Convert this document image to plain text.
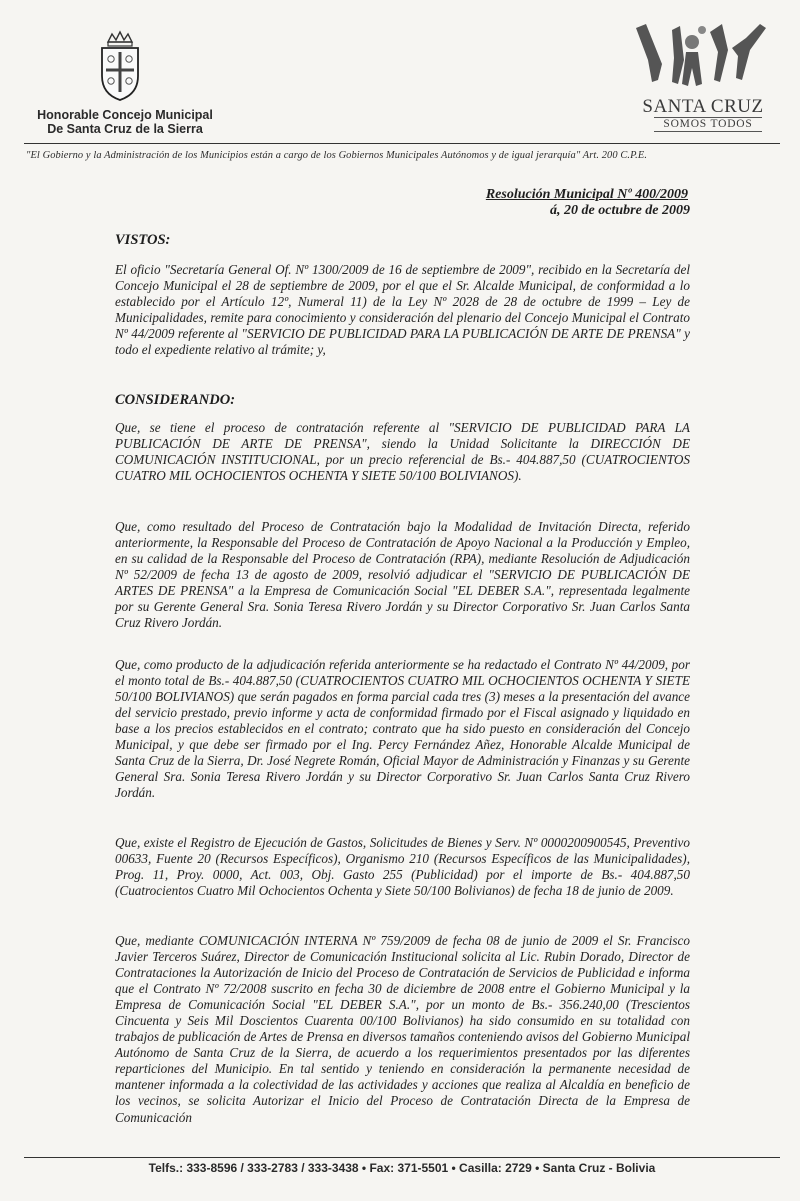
Honorable Concejo Municipal
De Santa Cruz de la Sierra
SANTA CRUZ
SOMOS TODOS
"El Gobierno y la Administración de los Municipios están a cargo de los Gobiernos Municipales Autónomos y de igual jerarquía" Art. 200 C.P.E.
Resolución Municipal Nº 400/2009
á, 20 de octubre de 2009
VISTOS:

El oficio "Secretaría General Of. Nº 1300/2009 de 16 de septiembre de 2009", recibido en la Secretaría del Concejo Municipal el 28 de septiembre de 2009, por el que el Sr. Alcalde Municipal, de conformidad a lo establecido por el Artículo 12º, Numeral 11) de la Ley Nº 2028 de 28 de octubre de 1999 – Ley de Municipalidades, remite para conocimiento y consideración del plenario del Concejo Municipal el Contrato Nº 44/2009 referente al "SERVICIO DE PUBLICIDAD PARA LA PUBLICACIÓN DE ARTE DE PRENSA" y todo el expediente relativo al trámite; y,

CONSIDERANDO:

Que, se tiene el proceso de contratación referente al "SERVICIO DE PUBLICIDAD PARA LA PUBLICACIÓN DE ARTE DE PRENSA", siendo la Unidad Solicitante la DIRECCIÓN DE COMUNICACIÓN INSTITUCIONAL, por un precio referencial de Bs.- 404.887,50 (CUATROCIENTOS CUATRO MIL OCHOCIENTOS OCHENTA Y SIETE 50/100 BOLIVIANOS).

Que, como resultado del Proceso de Contratación bajo la Modalidad de Invitación Directa, referido anteriormente, la Responsable del Proceso de Contratación de Apoyo Nacional a la Producción y Empleo, en su calidad de la Responsable del Proceso de Contratación (RPA), mediante Resolución de Adjudicación Nº 52/2009 de fecha 13 de agosto de 2009, resolvió adjudicar el "SERVICIO DE PUBLICACIÓN DE ARTES DE PRENSA" a la Empresa de Comunicación Social "EL DEBER S.A.", representada legalmente por su Gerente General Sra. Sonia Teresa Rivero Jordán y su Director Corporativo Sr. Juan Carlos Santa Cruz Rivero Jordán.

Que, como producto de la adjudicación referida anteriormente se ha redactado el Contrato Nº 44/2009, por el monto total de Bs.- 404.887,50 (CUATROCIENTOS CUATRO MIL OCHOCIENTOS OCHENTA Y SIETE 50/100 BOLIVIANOS) que serán pagados en forma parcial cada tres (3) meses a la presentación del avance del servicio prestado, previo informe y acta de conformidad firmado por el Fiscal asignado y liquidado en base a los precios establecidos en el contrato; contrato que ha sido puesto en consideración del Concejo Municipal, y que debe ser firmado por el Ing. Percy Fernández Añez, Honorable Alcalde Municipal de Santa Cruz de la Sierra, Dr. José Negrete Román, Oficial Mayor de Administración y Finanzas y su Gerente General Sra. Sonia Teresa Rivero Jordán y su Director Corporativo Sr. Juan Carlos Santa Cruz Rivero Jordán.

Que, existe el Registro de Ejecución de Gastos, Solicitudes de Bienes y Serv. Nº 0000200900545, Preventivo 00633, Fuente 20 (Recursos Específicos), Organismo 210 (Recursos Específicos de las Municipalidades), Prog. 11, Proy. 0000, Act. 003, Obj. Gasto 255 (Publicidad) por el importe de Bs.- 404.887,50 (Cuatrocientos Cuatro Mil Ochocientos Ochenta y Siete 50/100 Bolivianos) de fecha 18 de junio de 2009.

Que, mediante COMUNICACIÓN INTERNA Nº 759/2009 de fecha 08 de junio de 2009 el Sr. Francisco Javier Terceros Suárez, Director de Comunicación Institucional solicita al Lic. Rubin Dorado, Director de Contrataciones la Autorización de Inicio del Proceso de Contratación de Servicios de Publicidad e informa que el Contrato Nº 72/2008 suscrito en fecha 30 de diciembre de 2008 entre el Gobierno Municipal y la Empresa de Comunicación Social "EL DEBER S.A.", por un monto de Bs.- 356.240,00 (Trescientos Cincuenta y Seis Mil Doscientos Cuarenta 00/100 Bolivianos) ha sido consumido en su totalidad con trabajos de publicación de Artes de Prensa en diversos tamaños conteniendo avisos del Gobierno Municipal Autónomo de Santa Cruz de la Sierra, de acuerdo a los requerimientos presentados por las diferentes reparticiones del Municipio. En tal sentido y teniendo en consideración la permanente necesidad de mantener informada a la colectividad de las actividades y acciones que realiza al Alcaldía en beneficio de los vecinos, se solicita Autorizar el Inicio del Proceso de Contratación Directa de la Empresa de Comunicación

Telfs.: 333-8596 / 333-2783 / 333-3438 • Fax: 371-5501 • Casilla: 2729 • Santa Cruz - Bolivia
